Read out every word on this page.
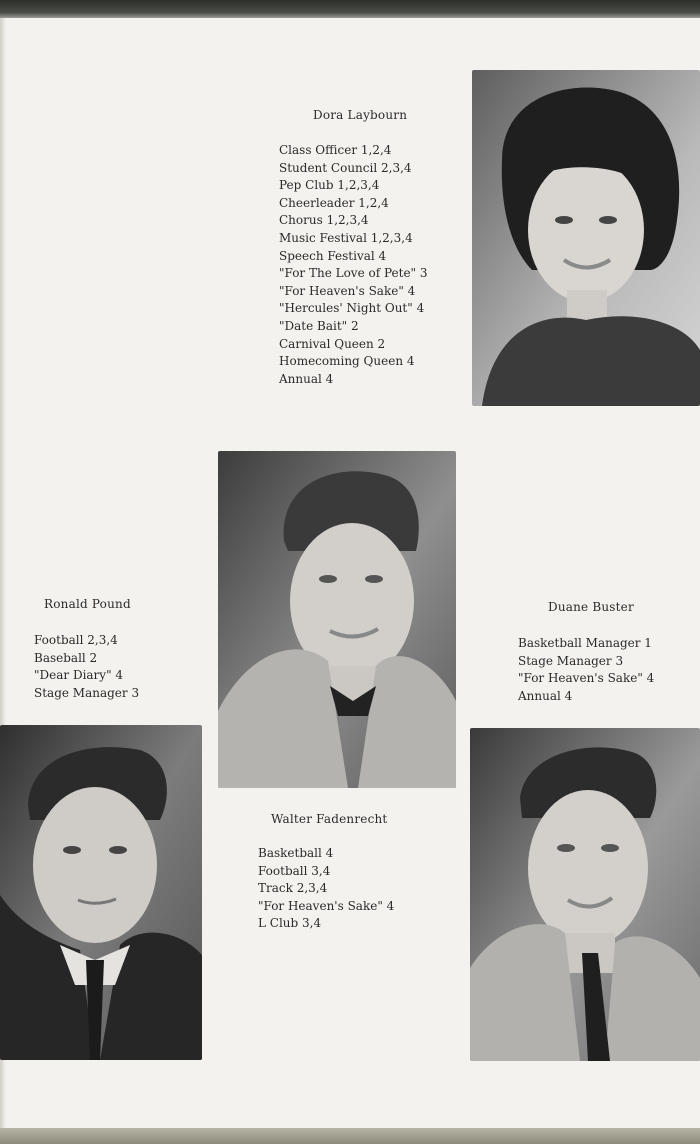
Dora Laybourn
Class Officer 1,2,4
Student Council 2,3,4
Pep Club 1,2,3,4
Cheerleader 1,2,4
Chorus 1,2,3,4
Music Festival 1,2,3,4
Speech Festival 4
"For The Love of Pete" 3
"For Heaven's Sake" 4
"Hercules' Night Out" 4
"Date Bait" 2
Carnival Queen 2
Homecoming Queen 4
Annual 4
Ronald Pound
Football 2,3,4
Baseball 2
"Dear Diary" 4
Stage Manager 3
Duane Buster
Basketball Manager 1
Stage Manager 3
"For Heaven's Sake" 4
Annual 4
Walter Fadenrecht
Basketball 4
Football 3,4
Track 2,3,4
"For Heaven's Sake" 4
L Club 3,4
